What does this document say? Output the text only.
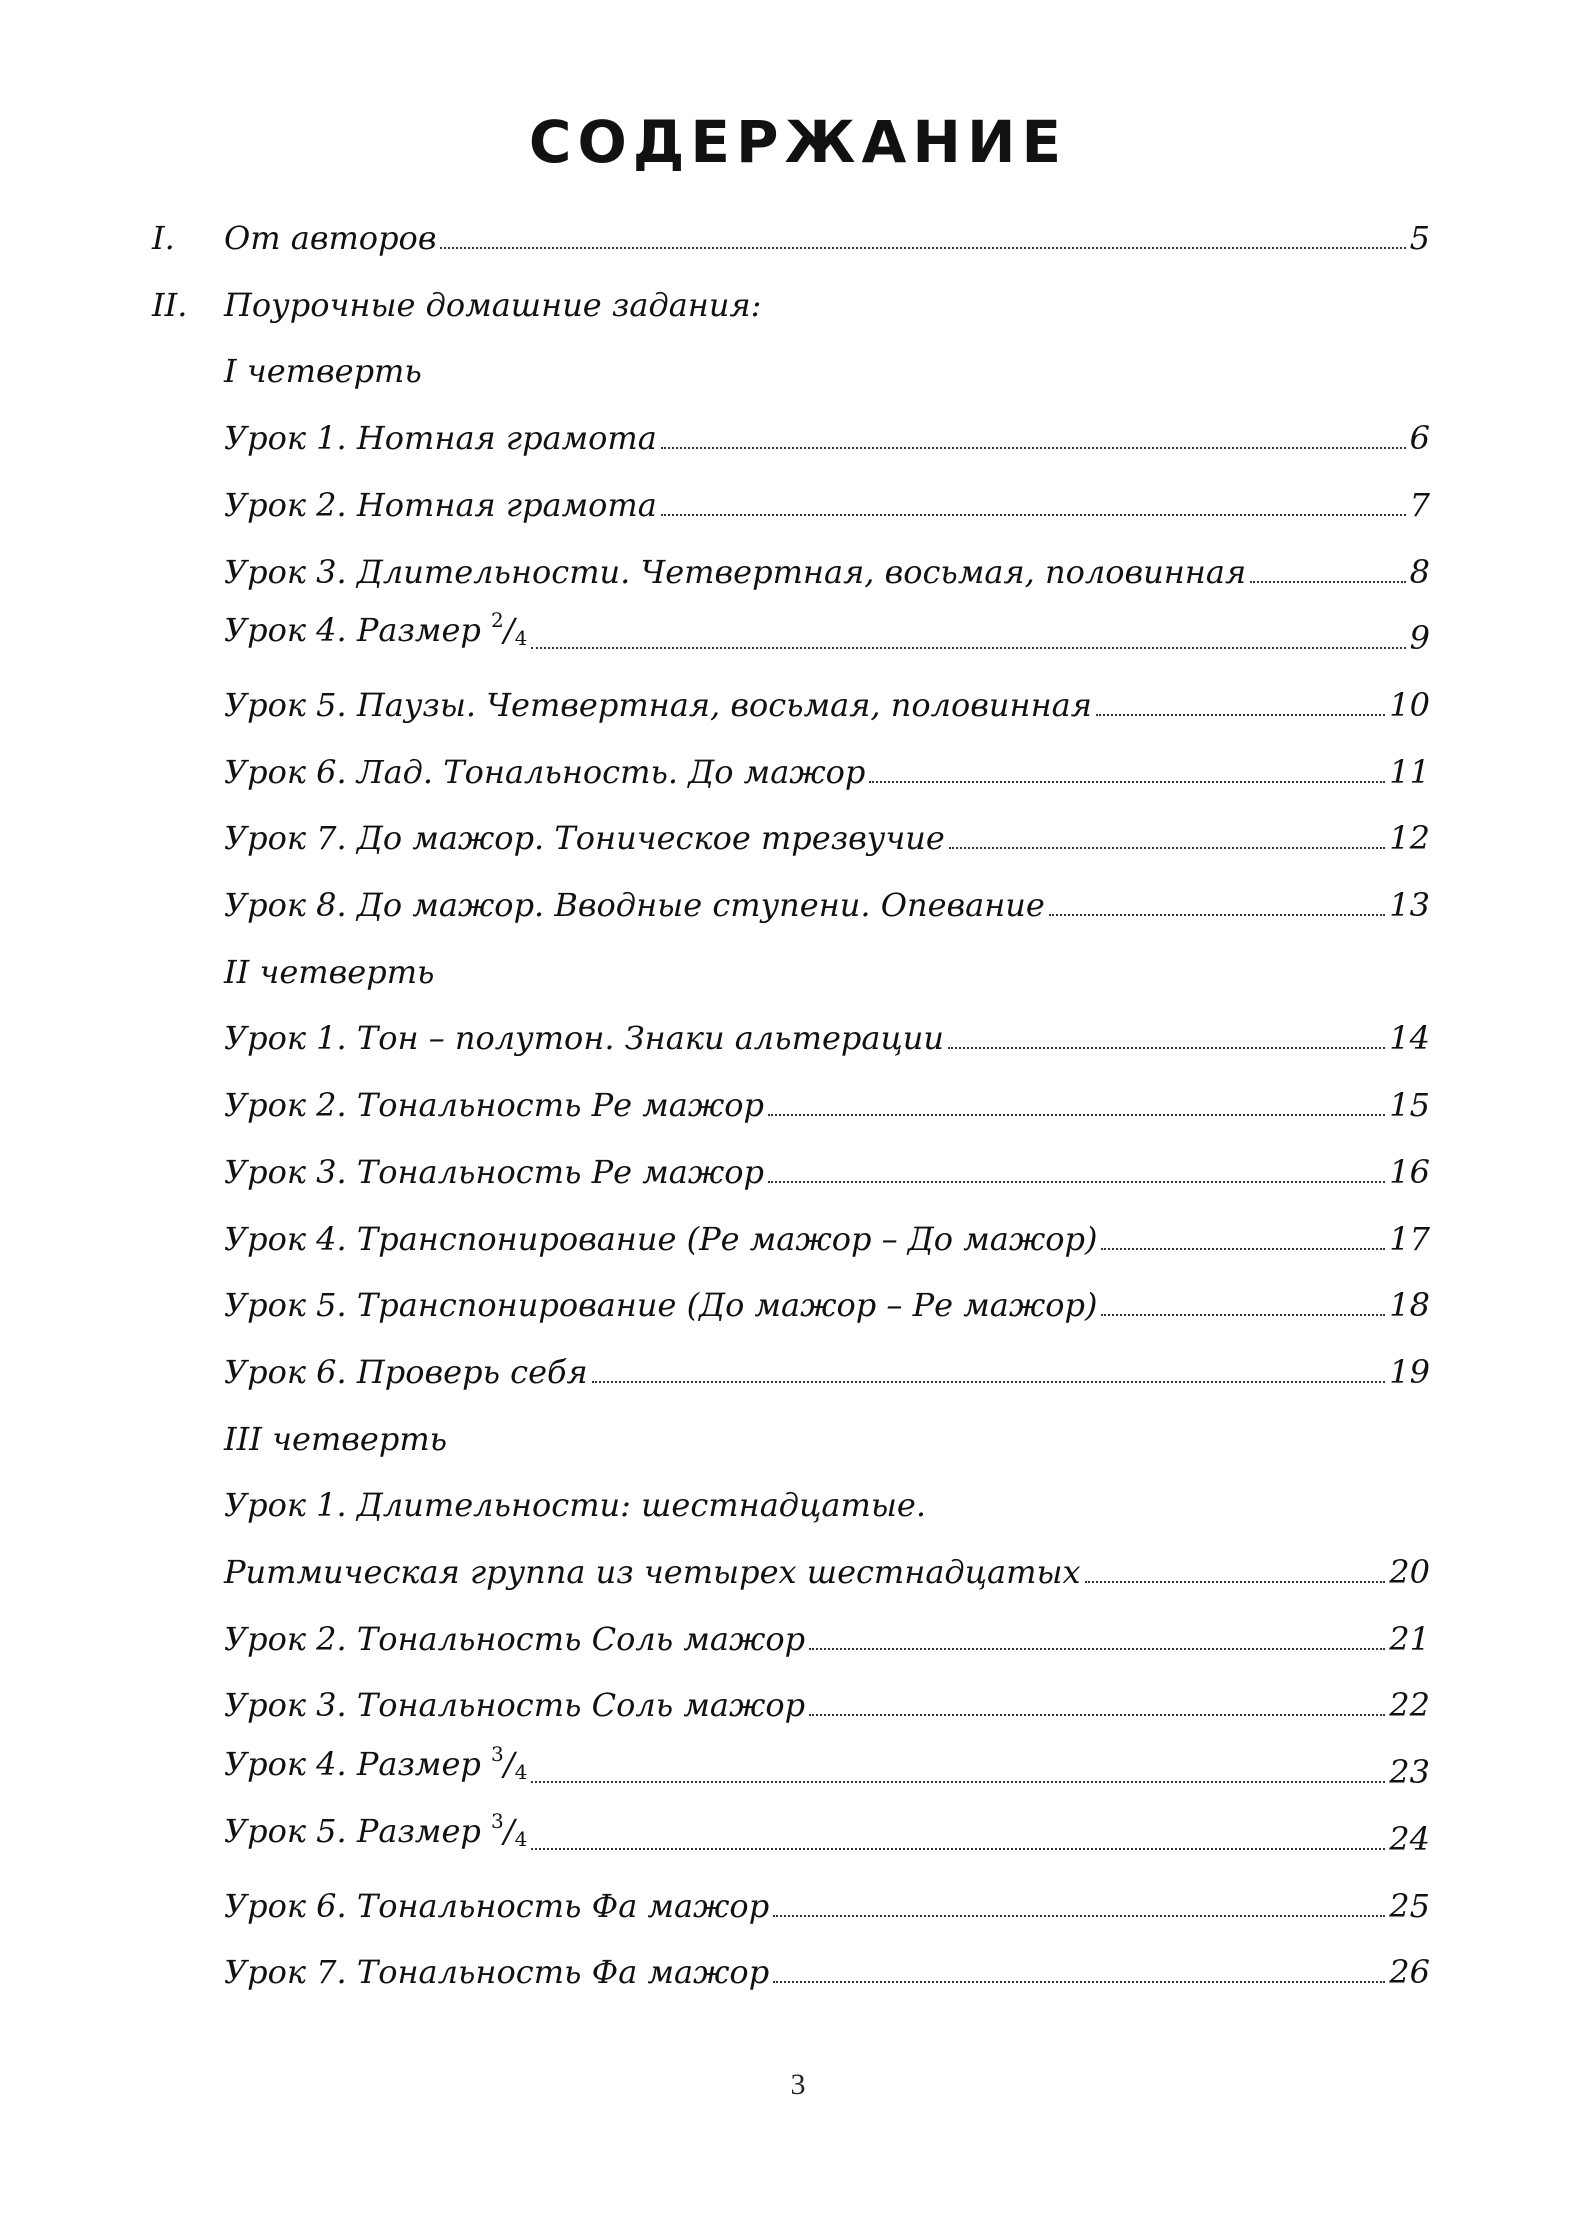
СОДЕРЖАНИЕ
I. От авторов	5
II. Поурочные домашние задания:
I четверть
Урок 1. Нотная грамота	6
Урок 2. Нотная грамота	7
Урок 3. Длительности. Четвертная, восьмая, половинная	8
Урок 4. Размер $^2$/4	9
Урок 5. Паузы. Четвертная, восьмая, половинная	10
Урок 6. Лад. Тональность. До мажор	11
Урок 7. До мажор. Тоническое трезвучие	12
Урок 8. До мажор. Вводные ступени. Опевание	13
II четверть
Урок 1. Тон – полутон. Знаки альтерации	14
Урок 2. Тональность Ре мажор	15
Урок 3. Тональность Ре мажор	16
Урок 4. Транспонирование (Ре мажор – До мажор)	17
Урок 5. Транспонирование (До мажор – Ре мажор)	18
Урок 6. Проверь себя	19
III четверть
Урок 1. Длительности: шестнадцатые.
Ритмическая группа из четырех шестнадцатых	20
Урок 2. Тональность Соль мажор	21
Урок 3. Тональность Соль мажор	22
Урок 4. Размер $^3$/4	23
Урок 5. Размер $^3$/4	24
Урок 6. Тональность Фа мажор	25
Урок 7. Тональность Фа мажор	26
3
